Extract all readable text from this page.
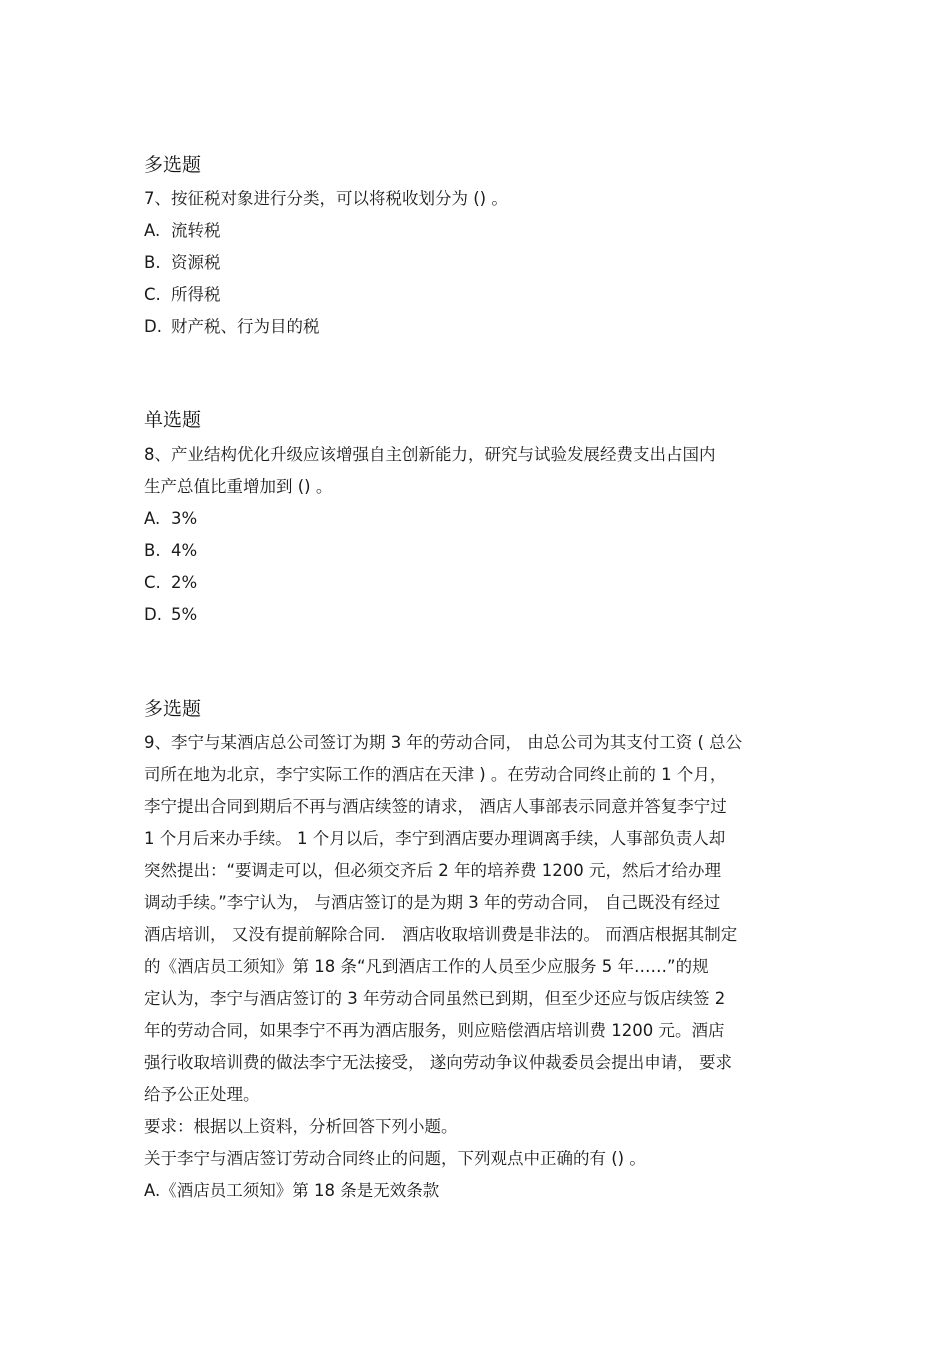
多选题
7、按征税对象进行分类，可以将税收划分为 () 。
A. 流转税
B. 资源税
C. 所得税
D. 财产税、行为目的税
单选题
8、产业结构优化升级应该增强自主创新能力，研究与试验发展经费支出占国内
生产总值比重增加到 () 。
A. 3%
B. 4%
C. 2%
D. 5%
多选题
9、李宁与某酒店总公司签订为期 3 年的劳动合同， 由总公司为其支付工资 ( 总公
司所在地为北京，李宁实际工作的酒店在天津 ) 。在劳动合同终止前的 1 个月，
李宁提出合同到期后不再与酒店续签的请求， 酒店人事部表示同意并答复李宁过
1 个月后来办手续。 1 个月以后，李宁到酒店要办理调离手续，人事部负责人却
突然提出：“要调走可以，但必须交齐后 2 年的培养费 1200 元，然后才给办理
调动手续。”李宁认为， 与酒店签订的是为期 3 年的劳动合同， 自己既没有经过
酒店培训， 又没有提前解除合同． 酒店收取培训费是非法的。 而酒店根据其制定
的《酒店员工须知》第 18 条“凡到酒店工作的人员至少应服务 5 年……”的规
定认为，李宁与酒店签订的 3 年劳动合同虽然已到期，但至少还应与饭店续签 2
年的劳动合同，如果李宁不再为酒店服务，则应赔偿酒店培训费 1200 元。酒店
强行收取培训费的做法李宁无法接受， 遂向劳动争议仲裁委员会提出申请， 要求
给予公正处理。
要求：根据以上资料，分析回答下列小题。
关于李宁与酒店签订劳动合同终止的问题，下列观点中正确的有 () 。
A.《酒店员工须知》第 18 条是无效条款
